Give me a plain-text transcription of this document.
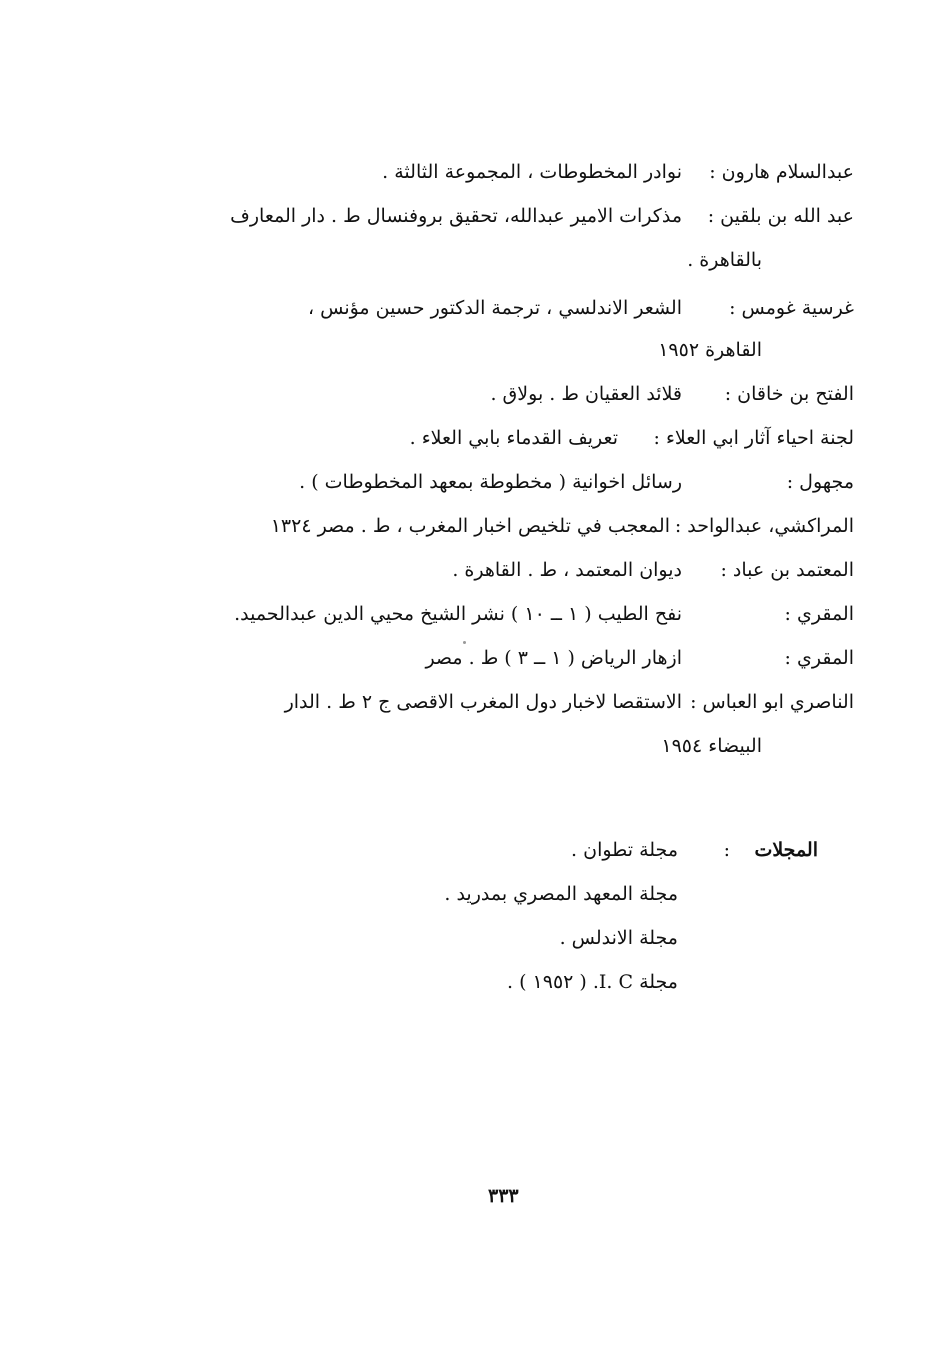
عبدالسلام هارون :
نوادر المخطوطات ، المجموعة الثالثة .
عبد الله بن بلقين :
مذكرات الامير عبدالله، تحقيق بروفنسال ط . دار المعارف
بالقاهرة .
غرسية غومس :
الشعر الاندلسي ، ترجمة الدكتور حسين مؤنس ،
القاهرة ١٩٥٢
الفتح بن خاقان :
قلائد العقيان ط . بولاق .
لجنة احياء آثار ابي العلاء :
تعريف القدماء بابي العلاء .
مجهول :
رسائل اخوانية ( مخطوطة بمعهد المخطوطات ) .
المراكشي، عبدالواحد :
المعجب في تلخيص اخبار المغرب ، ط . مصر ١٣٢٤
المعتمد بن عباد :
ديوان المعتمد ، ط . القاهرة .
المقري :
نفح الطيب ( ١ ــ ١٠ ) نشر الشيخ محيي الدين عبدالحميد.
المقري :
ازهار الرياض ( ١ ــ ٣ ) ط . مصر
الناصري ابو العباس :
الاستقصا لاخبار دول المغرب الاقصى ج ٢ ط . الدار
البيضاء ١٩٥٤
المجلات
:
مجلة تطوان .
مجلة المعهد المصري بمدريد .
مجلة الاندلس .
مجلة I. C. ( ١٩٥٢ ) .
٣٣٣
